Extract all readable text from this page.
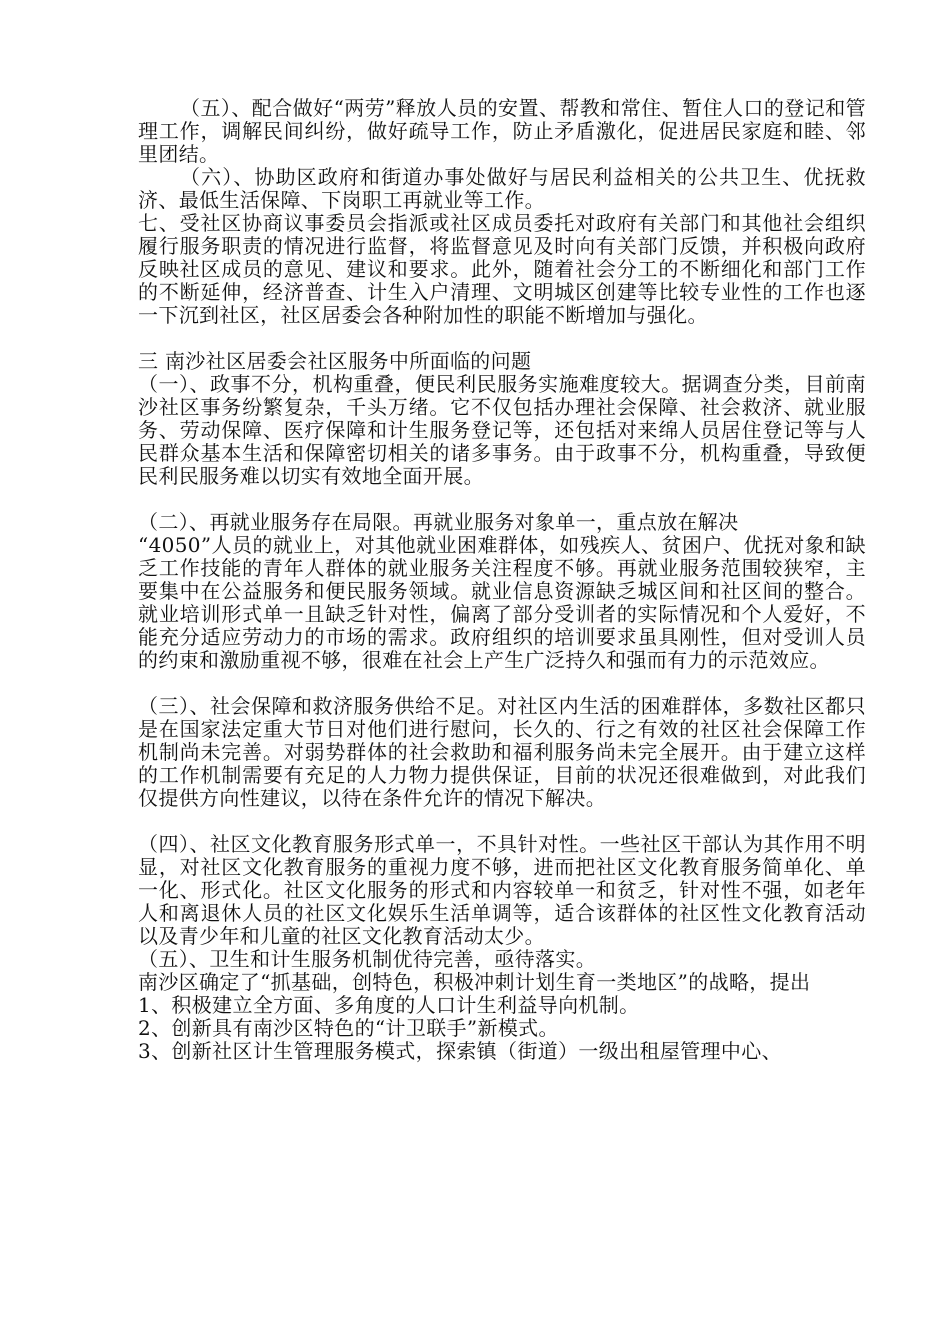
（五）、配合做好“两劳”释放人员的安置、帮教和常住、暂住人口的登记和管理工作，调解民间纠纷，做好疏导工作，防止矛盾激化，促进居民家庭和睦、邻里团结。

（六）、协助区政府和街道办事处做好与居民利益相关的公共卫生、优抚救济、最低生活保障、下岗职工再就业等工作。

七、受社区协商议事委员会指派或社区成员委托对政府有关部门和其他社会组织履行服务职责的情况进行监督，将监督意见及时向有关部门反馈，并积极向政府反映社区成员的意见、建议和要求。此外，随着社会分工的不断细化和部门工作的不断延伸，经济普查、计生入户清理、文明城区创建等比较专业性的工作也逐一下沉到社区，社区居委会各种附加性的职能不断增加与强化。

三 南沙社区居委会社区服务中所面临的问题

（一）、政事不分，机构重叠，便民利民服务实施难度较大。据调查分类，目前南沙社区事务纷繁复杂，千头万绪。它不仅包括办理社会保障、社会救济、就业服务、劳动保障、医疗保障和计生服务登记等，还包括对来绵人员居住登记等与人民群众基本生活和保障密切相关的诸多事务。由于政事不分，机构重叠，导致便民利民服务难以切实有效地全面开展。

（二）、再就业服务存在局限。再就业服务对象单一，重点放在解决

“4050”人员的就业上，对其他就业困难群体，如残疾人、贫困户、优抚对象和缺乏工作技能的青年人群体的就业服务关注程度不够。再就业服务范围较狭窄，主要集中在公益服务和便民服务领域。就业信息资源缺乏城区间和社区间的整合。就业培训形式单一且缺乏针对性，偏离了部分受训者的实际情况和个人爱好，不能充分适应劳动力的市场的需求。政府组织的培训要求虽具刚性，但对受训人员的约束和激励重视不够，很难在社会上产生广泛持久和强而有力的示范效应。

（三）、社会保障和救济服务供给不足。对社区内生活的困难群体，多数社区都只是在国家法定重大节日对他们进行慰问，长久的、行之有效的社区社会保障工作机制尚未完善。对弱势群体的社会救助和福利服务尚未完全展开。由于建立这样的工作机制需要有充足的人力物力提供保证，目前的状况还很难做到，对此我们仅提供方向性建议，以待在条件允许的情况下解决。

（四）、社区文化教育服务形式单一，不具针对性。一些社区干部认为其作用不明显，对社区文化教育服务的重视力度不够，进而把社区文化教育服务简单化、单一化、形式化。社区文化服务的形式和内容较单一和贫乏，针对性不强，如老年人和离退休人员的社区文化娱乐生活单调等，适合该群体的社区性文化教育活动以及青少年和儿童的社区文化教育活动太少。

（五）、卫生和计生服务机制优待完善，亟待落实。

南沙区确定了“抓基础，创特色，积极冲刺计划生育一类地区”的战略，提出

1、积极建立全方面、多角度的人口计生利益导向机制。

2、创新具有南沙区特色的“计卫联手”新模式。

3、创新社区计生管理服务模式，探索镇（街道）一级出租屋管理中心、
